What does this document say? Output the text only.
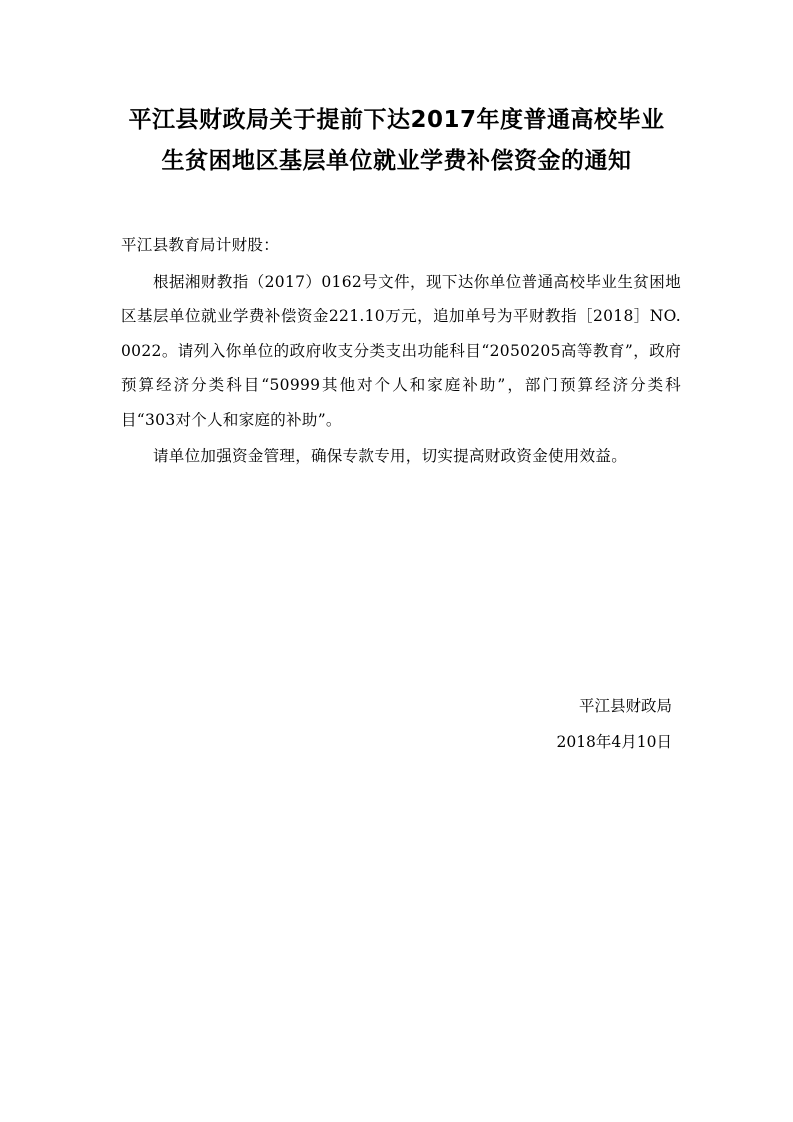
平江县财政局关于提前下达2017年度普通高校毕业
生贫困地区基层单位就业学费补偿资金的通知

平江县教育局计财股：

根据湘财教指（2017）0162号文件，现下达你单位普通高校毕业生贫困地区基层单位就业学费补偿资金221.10万元，追加单号为平财教指［2018］NO. 0022。请列入你单位的政府收支分类支出功能科目“2050205高等教育”，政府预算经济分类科目“50999其他对个人和家庭补助”，部门预算经济分类科目“303对个人和家庭的补助”。

请单位加强资金管理，确保专款专用，切实提高财政资金使用效益。

平江县财政局
2018年4月10日
